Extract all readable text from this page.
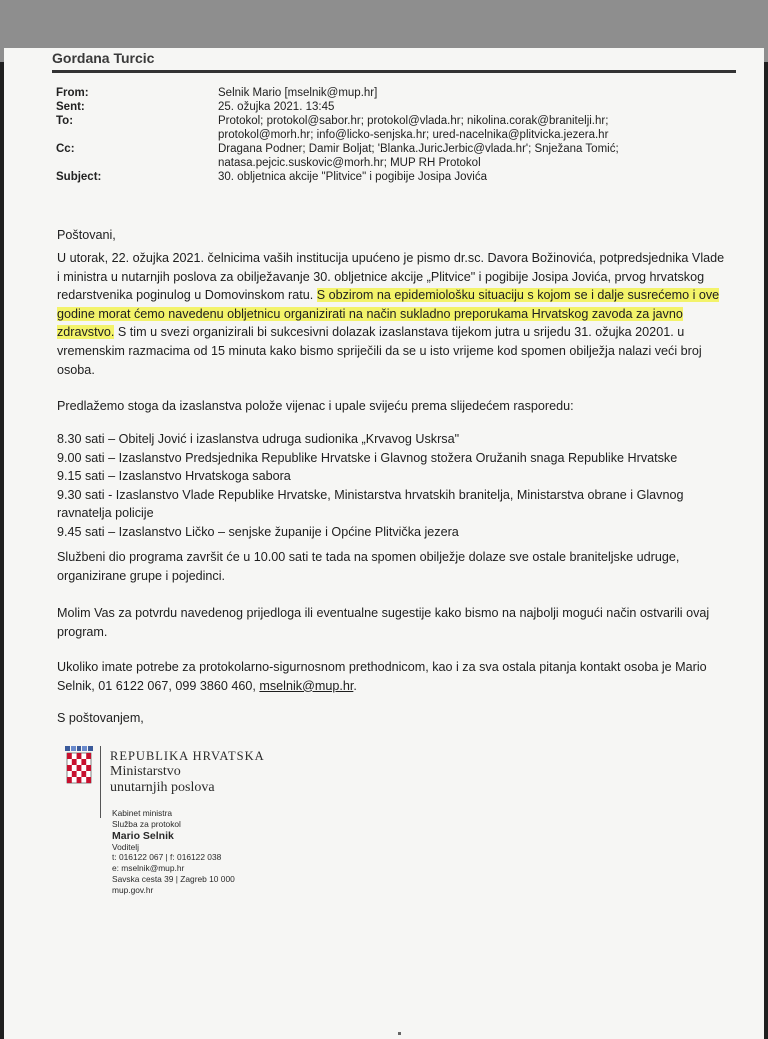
Gordana Turcic
From:	Selnik Mario [mselnik@mup.hr]
Sent:	25. ožujka 2021. 13:45
To:	Protokol; protokol@sabor.hr; protokol@vlada.hr; nikolina.corak@branitelji.hr;
protokol@morh.hr; info@licko-senjska.hr; ured-nacelnika@plitvicka.jezera.hr
Cc:	Dragana Podner; Damir Boljat; 'Blanka.JuricJerbic@vlada.hr'; Snježana Tomić;
natasa.pejcic.suskovic@morh.hr; MUP RH Protokol
Subject:	30. obljetnica akcije "Plitvice" i pogibije Josipa Jovića

Poštovani,

U utorak, 22. ožujka 2021. čelnicima vaših institucija upućeno je pismo dr.sc. Davora Božinovića, potpredsjednika Vlade i ministra u nutarnjih poslova za obilježavanje 30. obljetnice akcije „Plitvice" i pogibije Josipa Jovića, prvog hrvatskog redarstvenika poginulog u Domovinskom ratu. S obzirom na epidemiološku situaciju s kojom se i dalje susrećemo i ove godine morat ćemo navedenu obljetnicu organizirati na način sukladno preporukama Hrvatskog zavoda za javno zdravstvo. S tim u svezi organizirali bi sukcesivni dolazak izaslanstava tijekom jutra u srijedu 31. ožujka 20201. u vremenskim razmacima od 15 minuta kako bismo spriječili da se u isto vrijeme kod spomen obilježja nalazi veći broj osoba.

Predlažemo stoga da izaslanstva polože vijenac i upale svijeću prema slijedećem rasporedu:

8.30 sati – Obitelj Jović i izaslanstva udruga sudionika „Krvavog Uskrsa"
9.00 sati – Izaslanstvo Predsjednika Republike Hrvatske i Glavnog stožera Oružanih snaga Republike Hrvatske
9.15 sati – Izaslanstvo Hrvatskoga sabora
9.30 sati - Izaslanstvo Vlade Republike Hrvatske, Ministarstva hrvatskih branitelja, Ministarstva obrane i Glavnog ravnatelja policije
9.45 sati – Izaslanstvo Ličko – senjske županije i Općine Plitvička jezera

Službeni dio programa završit će u 10.00 sati te tada na spomen obilježje dolaze sve ostale braniteljske udruge, organizirane grupe i pojedinci.

Molim Vas za potvrdu navedenog prijedloga ili eventualne sugestije kako bismo na najbolji mogući način ostvarili ovaj program.

Ukoliko imate potrebe za protokolarno-sigurnosnom prethodnicom, kao i za sva ostala pitanja kontakt osoba je Mario Selnik, 01 6122 067, 099 3860 460, mselnik@mup.hr.

S poštovanjem,

REPUBLIKA HRVATSKA
Ministarstvo
unutarnjih poslova
Kabinet ministra
Služba za protokol
Mario Selnik
Voditelj
t: 016122 067 | f: 016122 038
e: mselnik@mup.hr
Savska cesta 39 | Zagreb 10 000
mup.gov.hr
